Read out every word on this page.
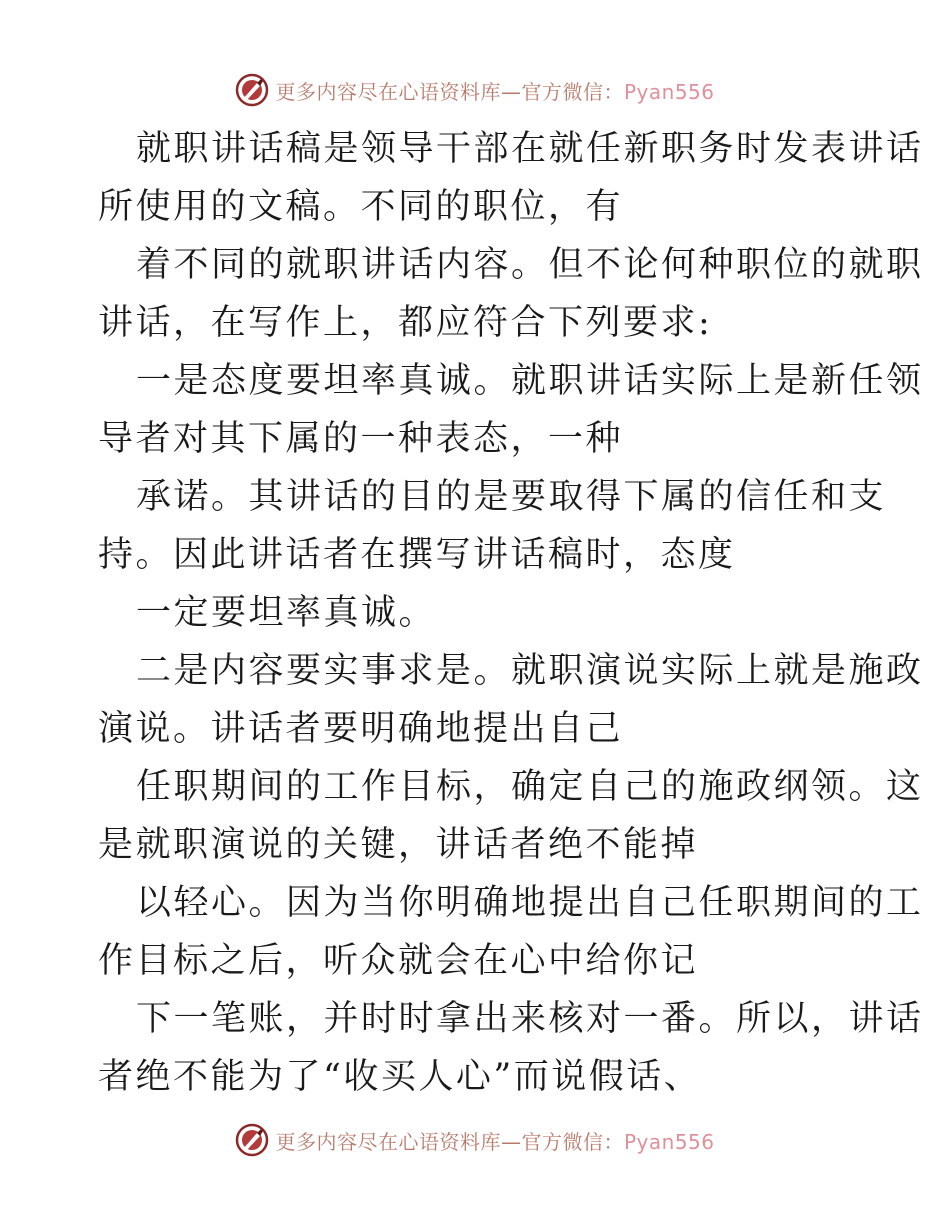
更多内容尽在心语资料库—官方微信：Pyan556
就职讲话稿是领导干部在就任新职务时发表讲话
所使用的文稿。不同的职位，有
着不同的就职讲话内容。但不论何种职位的就职
讲话，在写作上，都应符合下列要求:
一是态度要坦率真诚。就职讲话实际上是新任领
导者对其下属的一种表态，一种
承诺。其讲话的目的是要取得下属的信任和支
持。因此讲话者在撰写讲话稿时，态度
一定要坦率真诚。
二是内容要实事求是。就职演说实际上就是施政
演说。讲话者要明确地提出自己
任职期间的工作目标，确定自己的施政纲领。这
是就职演说的关键，讲话者绝不能掉
以轻心。因为当你明确地提出自己任职期间的工
作目标之后，听众就会在心中给你记
下一笔账，并时时拿出来核对一番。所以，讲话
者绝不能为了“收买人心”而说假话、
更多内容尽在心语资料库—官方微信：Pyan556
